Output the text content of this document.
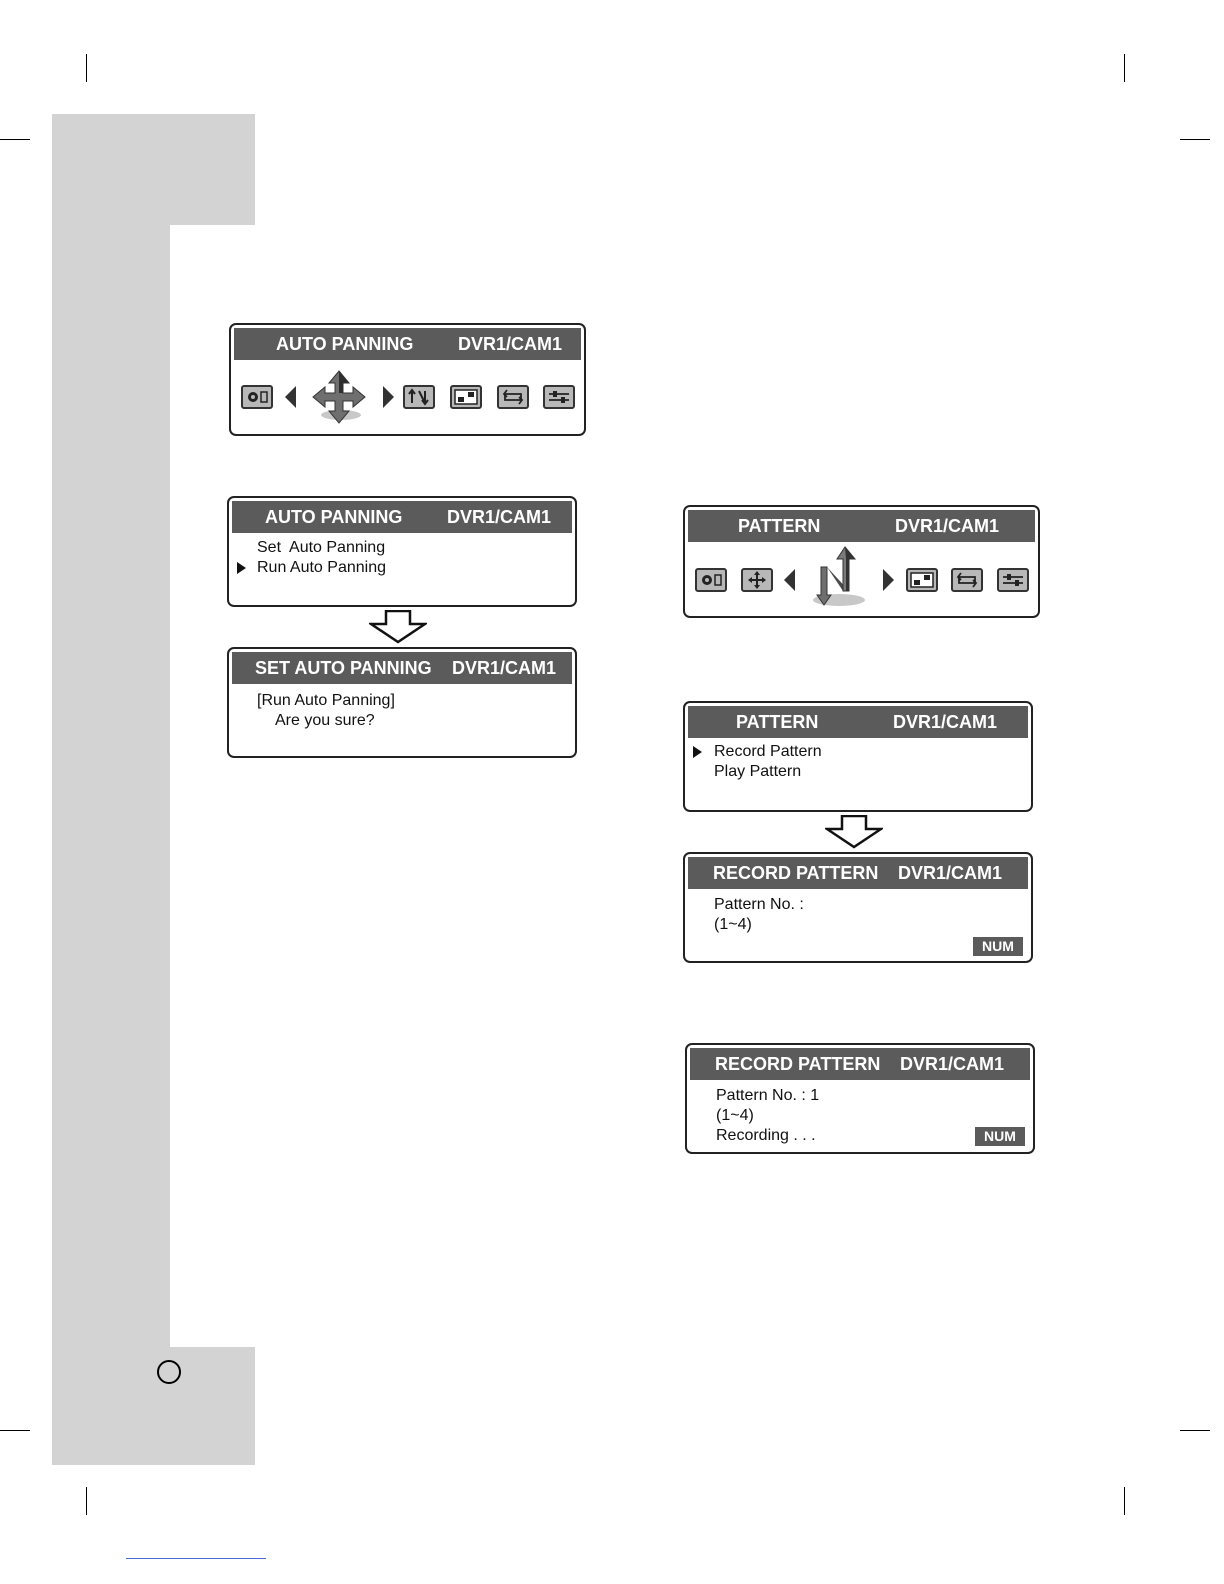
AUTO PANNING DVR1/CAM1
AUTO PANNING DVR1/CAM1
Set  Auto Panning
Run Auto Panning
SET AUTO PANNING DVR1/CAM1
[Run Auto Panning]
Are you sure?
PATTERN	DVR1/CAM1
PATTERN	DVR1/CAM1
Record Pattern
Play Pattern
RECORD PATTERN DVR1/CAM1
Pattern No. :
(1~4)
NUM
RECORD PATTERN DVR1/CAM1
Pattern No. : 1
(1~4)
Recording . . .	NUM
